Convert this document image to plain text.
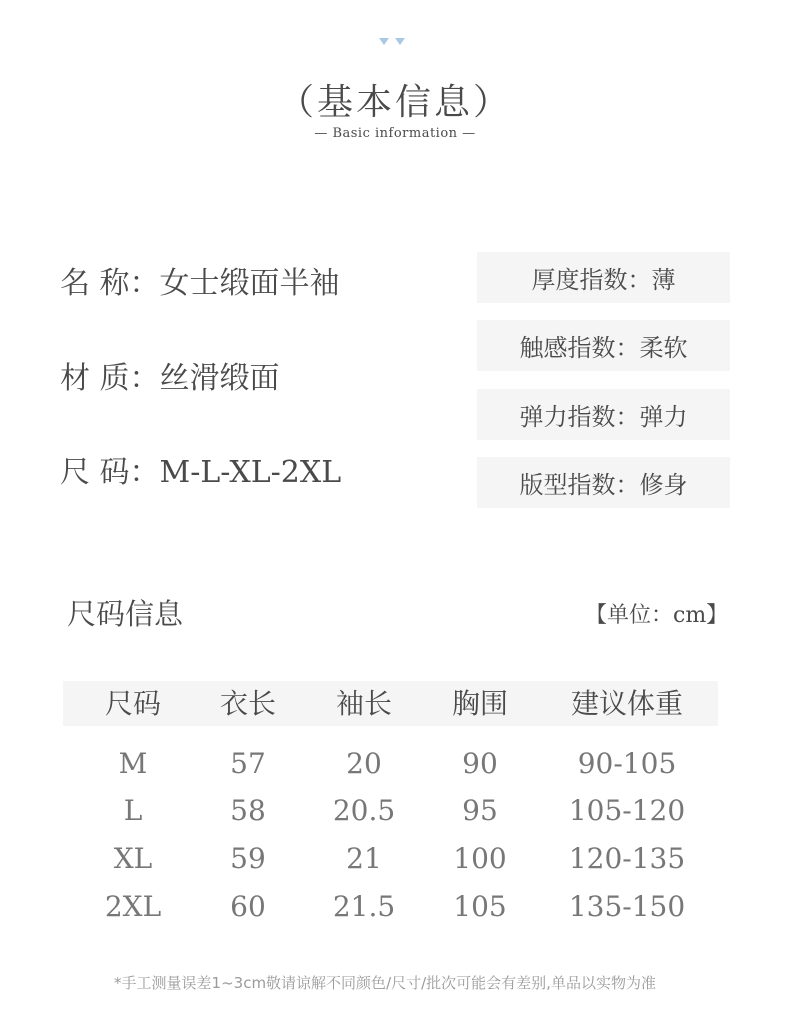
（基本信息）
— Basic information —
名 称：女士缎面半袖
材 质：丝滑缎面
尺 码：M-L-XL-2XL
厚度指数：薄
触感指数：柔软
弹力指数：弹力
版型指数：修身
尺码信息	【单位：cm】
尺码	衣长	袖长	胸围	建议体重
M	57	20	90	90-105
L	58	20.5	95	105-120
XL	59	21	100	120-135
2XL	60	21.5	105	135-150
*手工测量误差1~3cm敬请谅解不同颜色/尺寸/批次可能会有差别,单品以实物为准
